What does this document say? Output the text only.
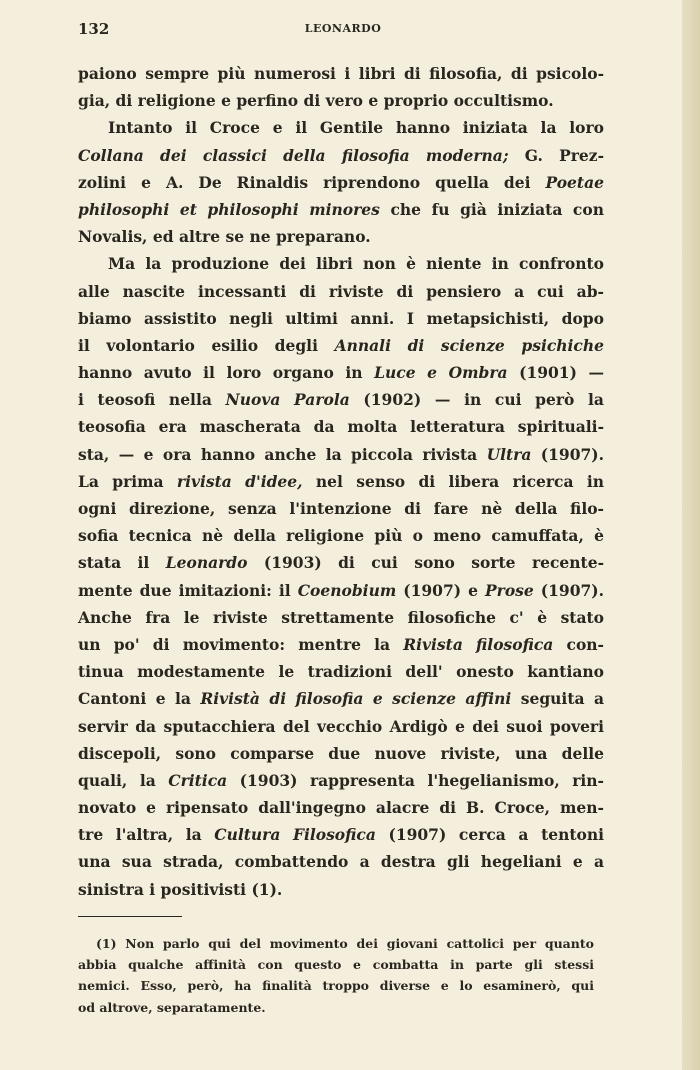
132	LEONARDO
paiono sempre più numerosi i libri di filosofia, di psicolo-
gia, di religione e perfino di vero e proprio occultismo.
Intanto il Croce e il Gentile hanno iniziata la loro
Collana dei classici della filosofia moderna; G. Prez-
zolini e A. De Rinaldis riprendono quella dei Poetae
philosophi et philosophi minores che fu già iniziata con
Novalis, ed altre se ne preparano.
Ma la produzione dei libri non è niente in confronto
alle nascite incessanti di riviste di pensiero a cui ab-
biamo assistito negli ultimi anni. I metapsichisti, dopo
il volontario esilio degli Annali di scienze psichiche
hanno avuto il loro organo in Luce e Ombra (1901) —
i teosofi nella Nuova Parola (1902) — in cui però la
teosofia era mascherata da molta letteratura spirituali-
sta, — e ora hanno anche la piccola rivista Ultra (1907).
La prima rivista d'idee, nel senso di libera ricerca in
ogni direzione, senza l'intenzione di fare nè della filo-
sofia tecnica nè della religione più o meno camuffata, è
stata il Leonardo (1903) di cui sono sorte recente-
mente due imitazioni: il Coenobium (1907) e Prose (1907).
Anche fra le riviste strettamente filosofiche c' è stato
un po' di movimento: mentre la Rivista filosofica con-
tinua modestamente le tradizioni dell' onesto kantiano
Cantoni e la Rivistà di filosofia e scienze affini seguita a
servir da sputacchiera del vecchio Ardigò e dei suoi poveri
discepoli, sono comparse due nuove riviste, una delle
quali, la Critica (1903) rappresenta l'hegelianismo, rin-
novato e ripensato dall'ingegno alacre di B. Croce, men-
tre l'altra, la Cultura Filosofica (1907) cerca a tentoni
una sua strada, combattendo a destra gli hegeliani e a
sinistra i positivisti (1).
(1) Non parlo qui del movimento dei giovani cattolici per quanto
abbia qualche affinità con questo e combatta in parte gli stessi
nemici. Esso, però, ha finalità troppo diverse e lo esaminerò, qui
od altrove, separatamente.
